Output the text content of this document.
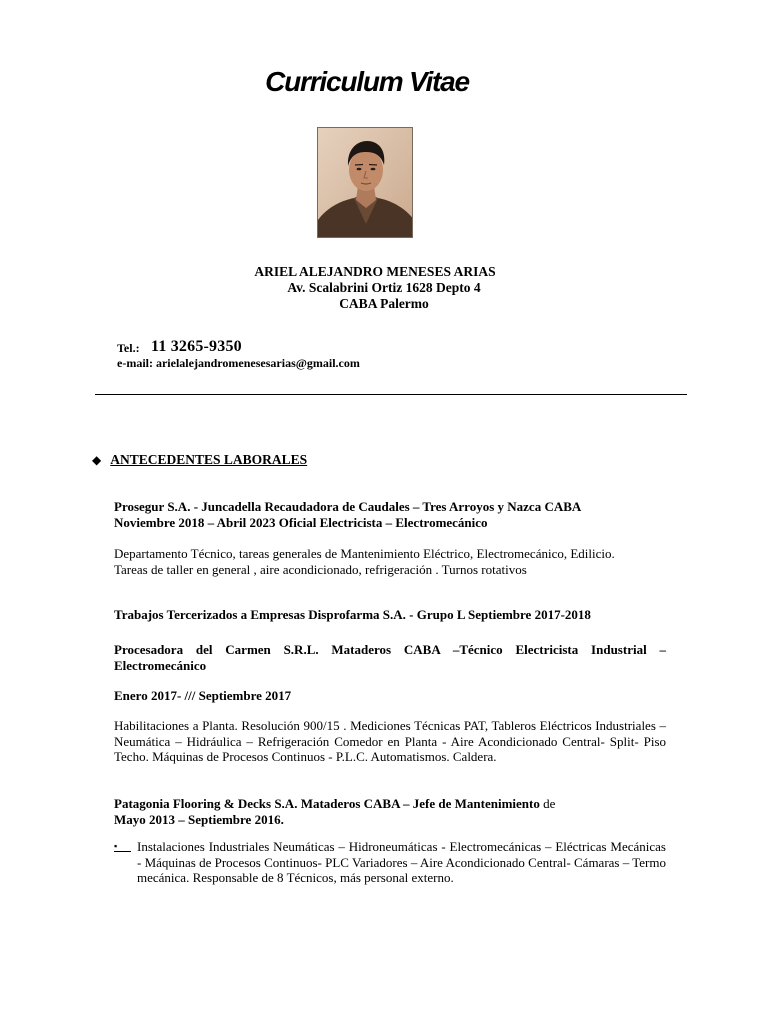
Curriculum Vitae
ARIEL ALEJANDRO MENESES ARIAS
Av. Scalabrini Ortiz 1628 Depto 4
CABA Palermo
Tel.: 11 3265-9350
e-mail: arielalejandromenesesarias@gmail.com
◆ ANTECEDENTES LABORALES
Prosegur S.A. - Juncadella Recaudadora de Caudales – Tres Arroyos y Nazca CABA
Noviembre 2018 – Abril 2023 Oficial Electricista – Electromecánico
Departamento Técnico, tareas generales de Mantenimiento Eléctrico, Electromecánico, Edilicio.
Tareas de taller en general , aire acondicionado, refrigeración . Turnos rotativos
Trabajos Tercerizados a Empresas Disprofarma S.A. - Grupo L Septiembre 2017-2018
Procesadora del Carmen S.R.L. Mataderos CABA –Técnico Electricista Industrial –Electromecánico
Enero 2017- /// Septiembre 2017
Habilitaciones a Planta. Resolución 900/15 . Mediciones Técnicas PAT, Tableros Eléctricos Industriales –Neumática – Hidráulica – Refrigeración Comedor en Planta - Aire Acondicionado Central- Split- Piso Techo. Máquinas de Procesos Continuos - P.L.C. Automatismos. Caldera.
Patagonia Flooring & Decks S.A. Mataderos CABA – Jefe de Mantenimiento de
Mayo 2013 – Septiembre 2016.
▪	Instalaciones Industriales Neumáticas – Hidroneumáticas - Electromecánicas – Eléctricas Mecánicas - Máquinas de Procesos Continuos- PLC Variadores – Aire Acondicionado Central- Cámaras – Termo mecánica. Responsable de 8 Técnicos, más personal externo.
